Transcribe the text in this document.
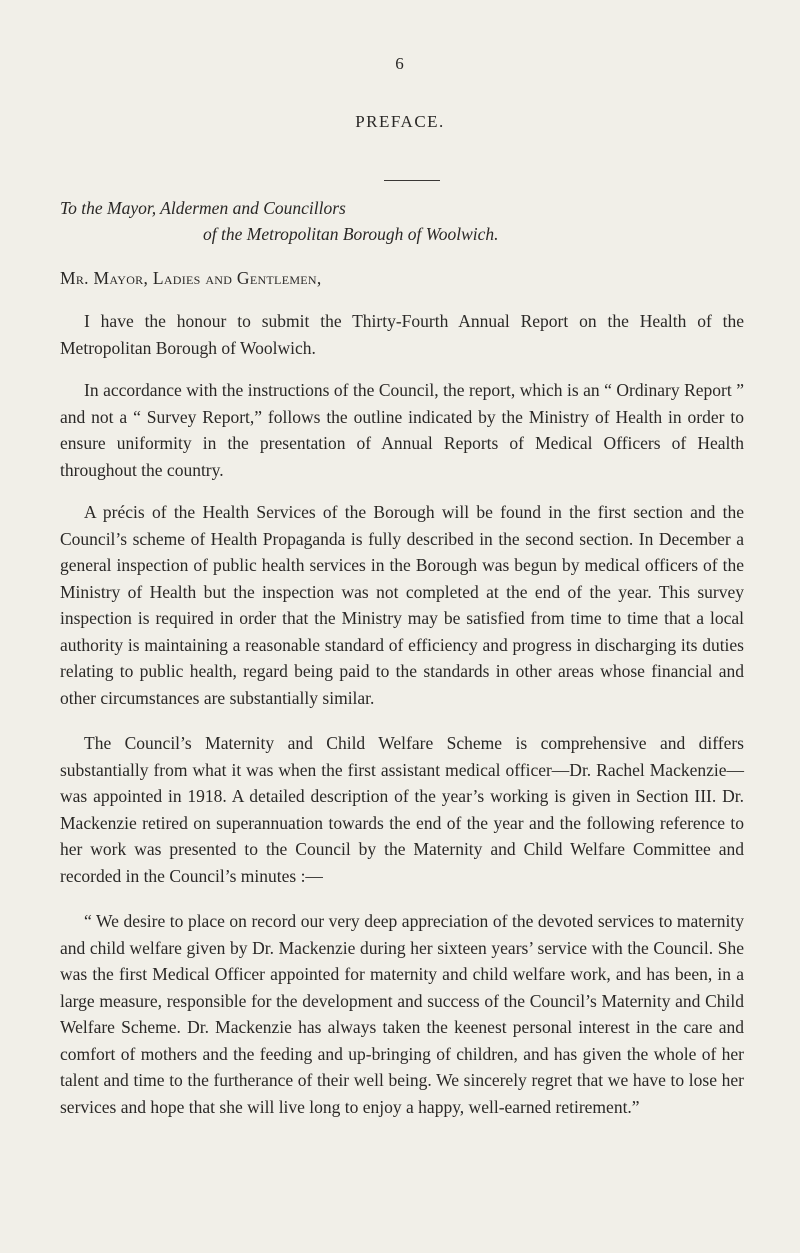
6
PREFACE.
To the Mayor, Aldermen and Councillors
of the Metropolitan Borough of Woolwich.
Mr. Mayor, Ladies and Gentlemen,

I have the honour to submit the Thirty-Fourth Annual Report on the Health of the Metropolitan Borough of Woolwich.

In accordance with the instructions of the Council, the report, which is an “ Ordinary Report ” and not a “ Survey Report,” follows the outline indicated by the Ministry of Health in order to ensure uniformity in the presentation of Annual Reports of Medical Officers of Health throughout the country.

A précis of the Health Services of the Borough will be found in the first section and the Council’s scheme of Health Propaganda is fully described in the second section. In December a general inspection of public health services in the Borough was begun by medical officers of the Ministry of Health but the inspection was not completed at the end of the year. This survey inspection is required in order that the Ministry may be satisfied from time to time that a local authority is maintaining a reasonable standard of efficiency and progress in discharging its duties relating to public health, regard being paid to the standards in other areas whose financial and other circumstances are substantially similar.

The Council’s Maternity and Child Welfare Scheme is comprehensive and differs substantially from what it was when the first assistant medical officer—Dr. Rachel Mackenzie—was appointed in 1918. A detailed description of the year’s working is given in Section III. Dr. Mackenzie retired on superannuation towards the end of the year and the following reference to her work was presented to the Council by the Maternity and Child Welfare Committee and recorded in the Council’s minutes :—

“ We desire to place on record our very deep appreciation of the devoted services to maternity and child welfare given by Dr. Mackenzie during her sixteen years’ service with the Council. She was the first Medical Officer appointed for maternity and child welfare work, and has been, in a large measure, responsible for the development and success of the Council’s Maternity and Child Welfare Scheme. Dr. Mackenzie has always taken the keenest personal interest in the care and comfort of mothers and the feeding and up-bringing of children, and has given the whole of her talent and time to the furtherance of their well being. We sincerely regret that we have to lose her services and hope that she will live long to enjoy a happy, well-earned retirement.”
